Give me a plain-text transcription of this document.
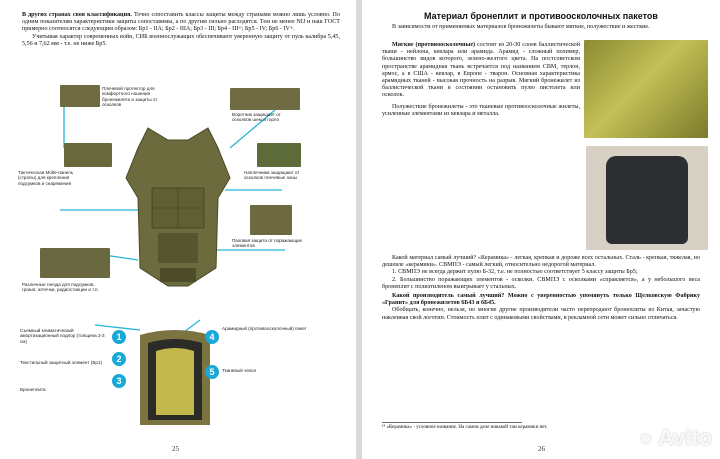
В других странах своя классификация. Точно сопоставить классы защиты между странами можно лишь условно. По одним показателям характеристики защиты сопоставимы, а по другим сильно расходятся. Тем не менее NIJ и наш ГОСТ примерно соотносятся следующим образом: Бр1 - IIA; Бр2 - IIIA; Бр3 - III; Бр4 - III+; Бр5 - IV; Бр6 - IV+.

Учитывая характер современных войн, СИБ военнослужащих обеспечивают уверенную защиту от пуль калибра 5,45, 5,56 и 7,62 мм - т.е. не ниже Бр5.

Плечевой протектор для комфортного ношения бронежилета и защиты от осколков
Воротник защищает от осколков шею и горло
Тактическая Molle-панель (стропы) для крепления подсумков и снаряжения
Наплечники защищают от осколков плечевые зоны
Паховая защита от поражающих элементов
Различные гнезда для подсумков, гранат, аптечки, радиостанции и т.п.
1
2
3
4
5
Съемный климатический амортизационный подпор (толщина 2-3 см)
Текстильный защитный элемент (Бр1)
Бронеплита
Арамидный (противоосколочный) пакет
Тканевый чехол
25
Материал бронеплит и противоосколочных пакетов

В зависимости от применяемых материалов бронежилеты бывают мягкие, полужесткие и жесткие.

Мягкие (противоосколочные) состоят из 20-30 слоев баллистической ткани - нейлона, кевлара или арамида. Арамид - сложный полимер, большинство видов которого, зелено-желтого цвета. На постсоветском пространстве арамидная ткань встречается под названием СВМ, терлон, армос, а в США - кевлар, в Европе - тварон. Основная характеристика арамидных тканей - высокая прочность на разрыв. Мягкий бронежилет из баллистической ткани в состоянии остановить пулю пистолета или осколок.

Полужесткие бронежилеты - это тканевые противоосколочные жилеты, усиленные элементами из кевлара и металла.

Какой материал самый лучший? «Керамика» - легкая, крепкая и дороже всех остальных. Сталь - крепкая, тяжелая, но дешевле «керамики». СВМПЭ - самый легкий, относительно недорогой материал.

1. СВМПЭ не всегда держит пулю Б-32, т.е. не полностью соответствует 5 классу защиты Бр5;

2. Большинство поражающих элементов - осколки. СВМПЭ с осколками «справляется», а у небольшого веса бронеплит с полиэтиленом выигрывает у стальных.

Какой производитель самый лучший? Можно с уверенностью упомянуть только Щелковскую Фабрику «Гранит» для бронежилетов 6Б43 и 6Б45.

Обобщать, конечно, нельзя, но многие другие производители часто перепродают бронеплиты из Китая, зачастую наклеивая свой логотип. Стоимость плит с одинаковыми свойствами, в рекламной сети может сильно отличаться.

¹⁸ «Керамика» - условное название. На самом деле никакой там керамики нет.
26	● Avito
